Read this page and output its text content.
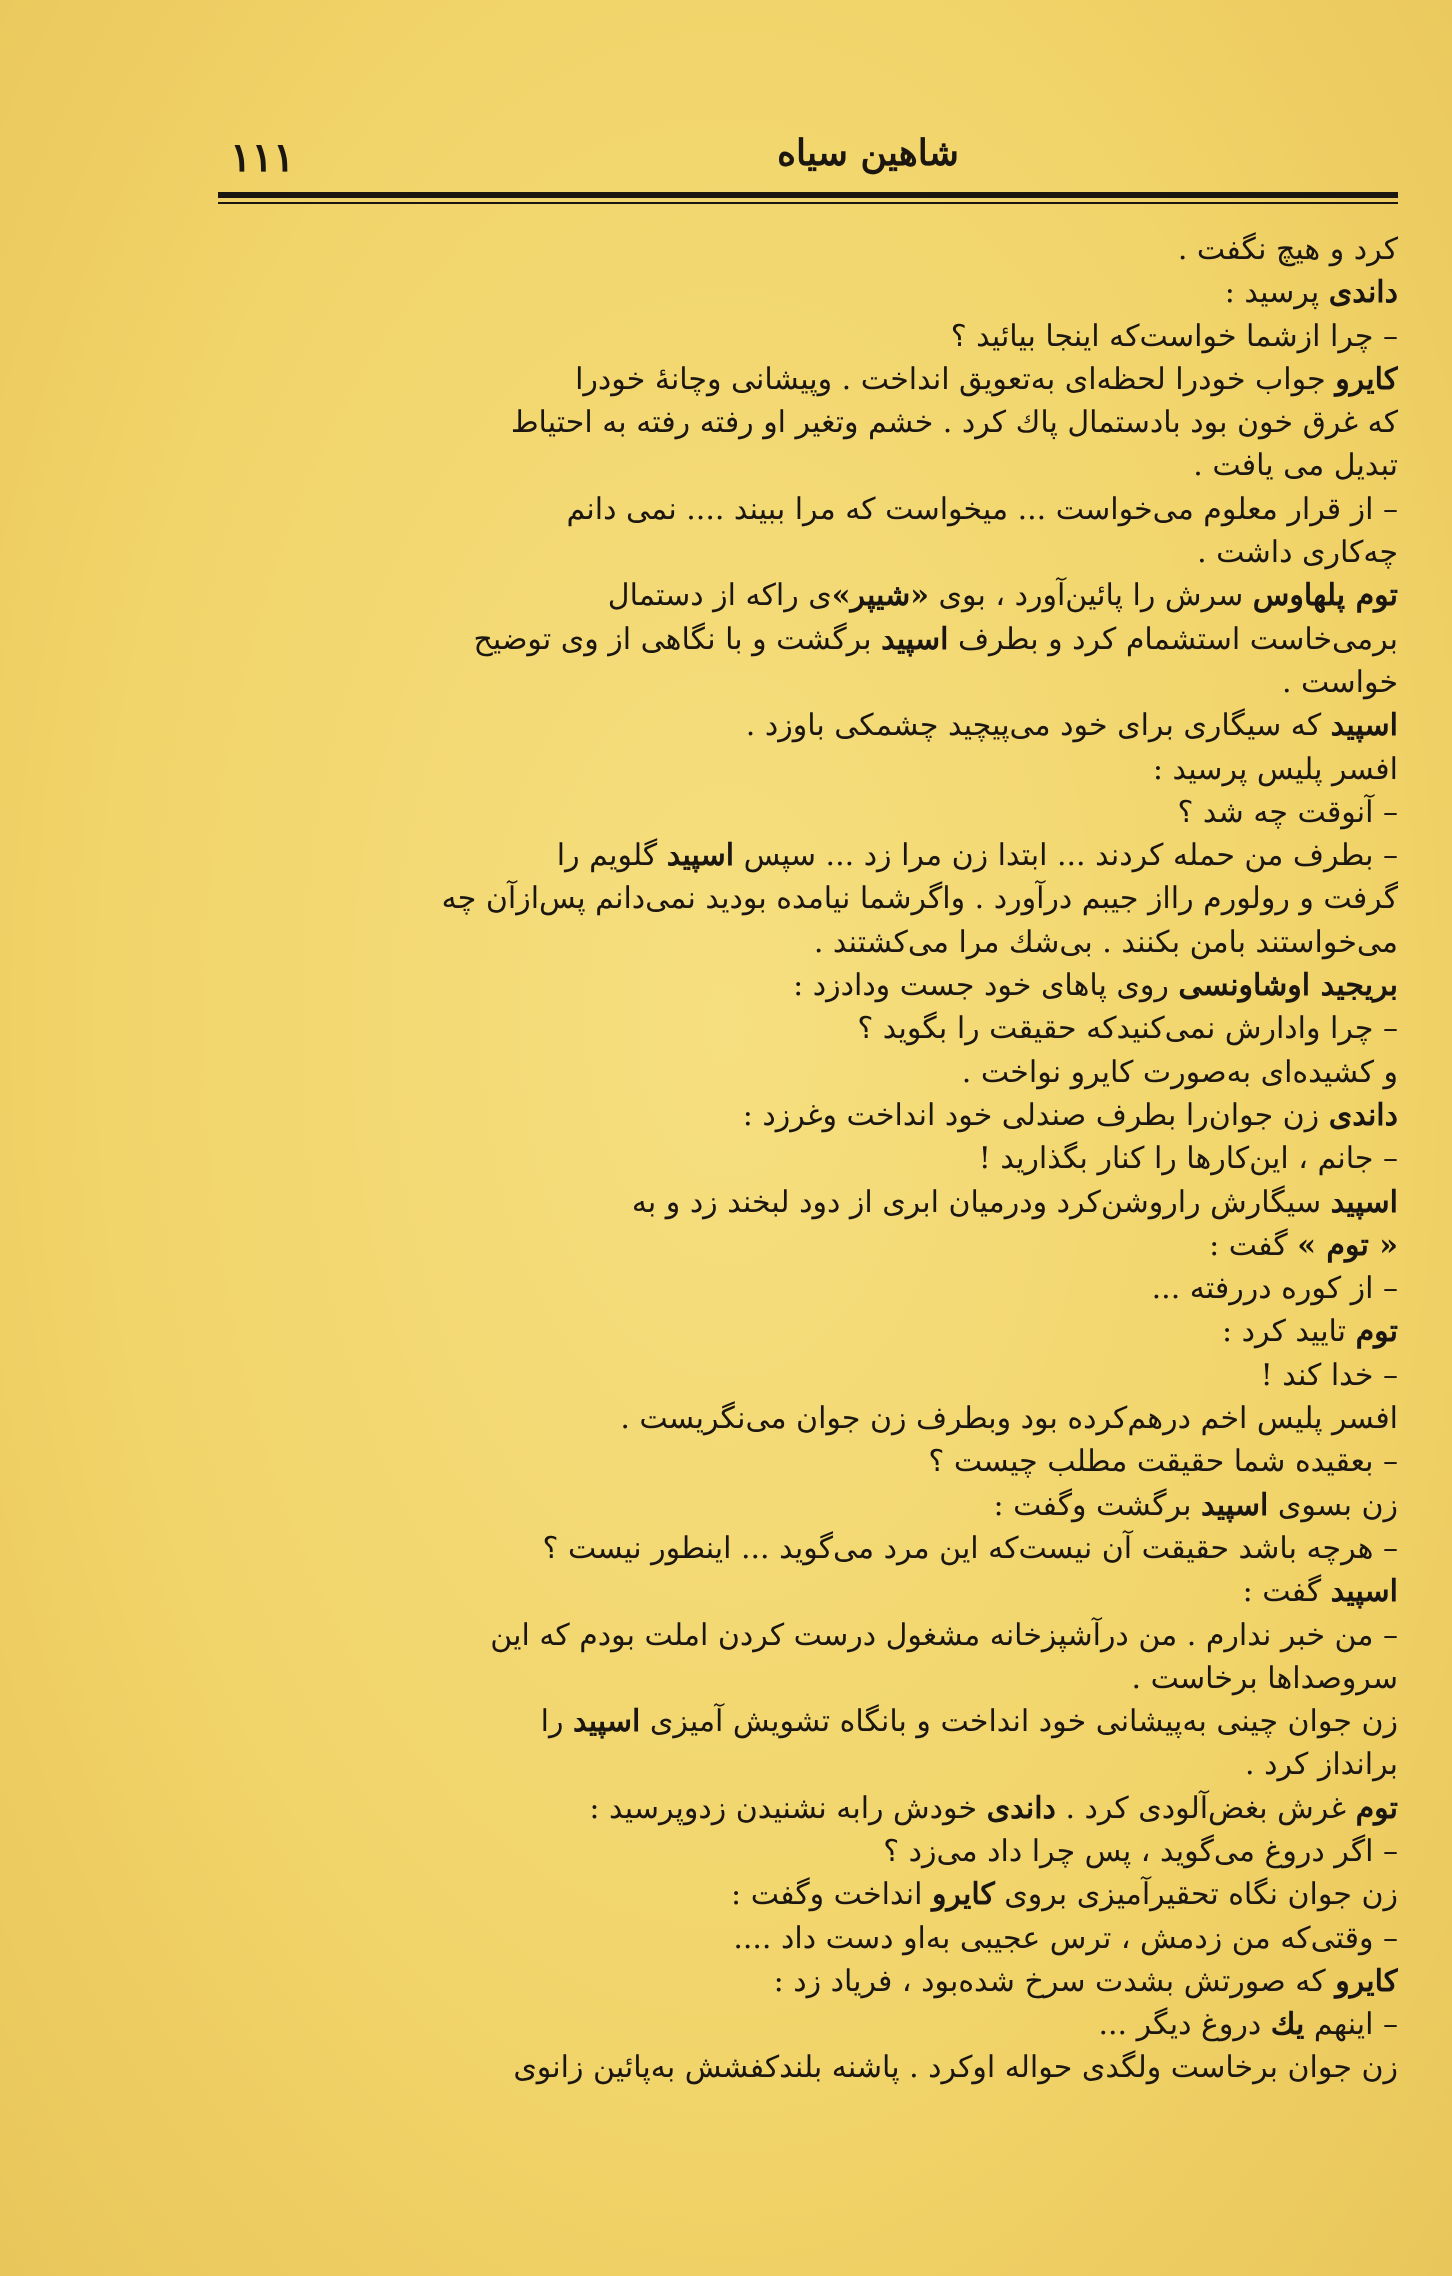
۱۱۱	شاهین سیاه
کرد و هیچ نگفت .
داندی پرسید :
– چرا ازشما خواست‌که اینجا بیائید ؟
کایرو جواب خودرا لحظه‌ای به‌تعویق انداخت . وپیشانی وچانهٔ خودرا
که غرق خون بود بادستمال پاك كرد . خشم وتغیر او رفته رفته به احتیاط
تبدیل می یافت .
– از قرار معلوم می‌خواست ... میخواست که مرا ببیند .... نمی دانم
چه‌کاری داشت .
توم پلهاوس سرش را پائین‌آورد ، بوی «شیپر»ی راکه از دستمال
برمی‌خاست استشمام كرد و بطرف اسپید برگشت و با نگاهی از وی توضیح
خواست .
اسپید که سیگاری برای خود می‌پیچید چشمکی باوزد .
افسر پلیس پرسید :
– آنوقت چه شد ؟
– بطرف من حمله کردند ... ابتدا زن مرا زد ... سپس اسپید گلویم را
گرفت و رولورم رااز جیبم درآورد . واگرشما نیامده بودید نمی‌دانم پس‌ازآن چه
می‌خواستند بامن بکنند . بی‌شك مرا می‌کشتند .
بریجید اوشاونسی روی پاهای خود جست ودادزد :
– چرا وادارش نمی‌کنیدکه حقیقت را بگوید ؟
و کشیده‌ای به‌صورت کایرو نواخت .
داندی زن جوان‌را بطرف صندلی خود انداخت وغرزد :
– جانم ، این‌کارها را کنار بگذارید !
اسپید سیگارش راروشن‌کرد ودرمیان ابری از دود لبخند زد و به
« توم » گفت :
– از کوره دررفته ...
توم تایید کرد :
– خدا کند !
افسر پلیس اخم درهم‌کرده بود وبطرف زن جوان می‌نگریست .
– بعقیده شما حقیقت مطلب چیست ؟
زن بسوی اسپید برگشت وگفت :
– هرچه باشد حقیقت آن نیست‌که این مرد می‌گوید ... اینطور نیست ؟
اسپید گفت :
– من خبر ندارم . من درآشپزخانه مشغول درست کردن املت بودم که این
سروصداها برخاست .
زن جوان چینی به‌پیشانی خود انداخت و بانگاه تشویش آمیزی اسپید را
برانداز کرد .
توم غرش بغض‌آلودی کرد . داندی خودش رابه نشنیدن زدوپرسید :
– اگر دروغ می‌گوید ، پس چرا داد می‌زد ؟
زن جوان نگاه تحقیرآمیزی بروی کایرو انداخت وگفت :
– وقتی‌که من زدمش ، ترس عجیبی به‌او دست داد ....
کایرو که صورتش بشدت سرخ شده‌بود ، فریاد زد :
– اینهم یك دروغ دیگر ...
زن جوان برخاست ولگدی حواله اوکرد . پاشنه بلندکفشش به‌پائین زانوی
